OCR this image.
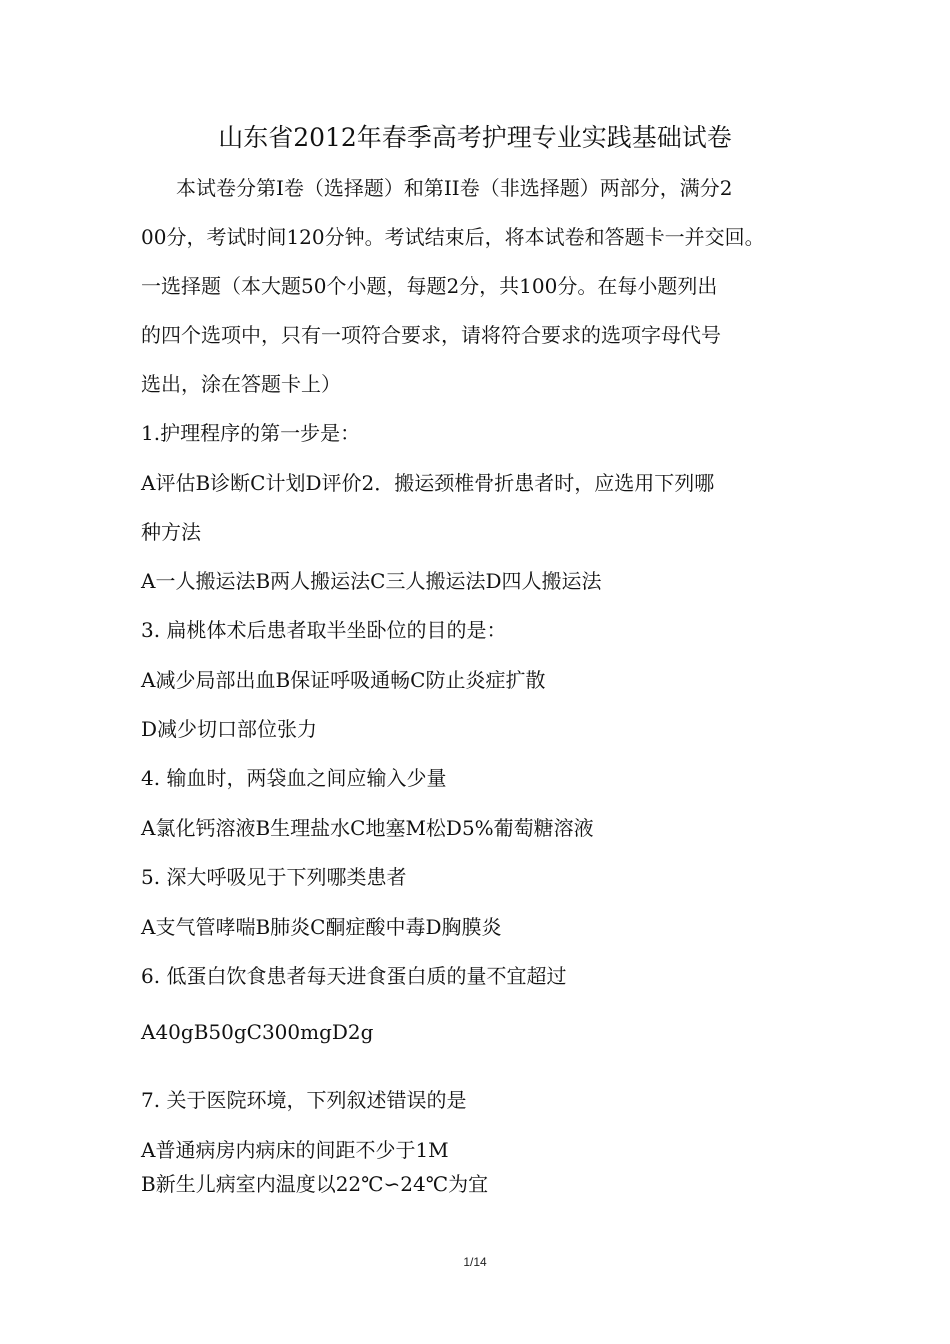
山东省2012年春季高考护理专业实践基础试卷
本试卷分第I卷（选择题）和第II卷（非选择题）两部分，满分2
00分，考试时间120分钟。考试结束后，将本试卷和答题卡一并交回。
一选择题（本大题50个小题，每题2分，共100分。在每小题列出
的四个选项中，只有一项符合要求，请将符合要求的选项字母代号
选出，涂在答题卡上）
1.护理程序的第一步是：
A评估B诊断C计划D评价2．搬运颈椎骨折患者时，应选用下列哪
种方法
A一人搬运法B两人搬运法C三人搬运法D四人搬运法
3. 扁桃体术后患者取半坐卧位的目的是：
A减少局部出血B保证呼吸通畅C防止炎症扩散
D减少切口部位张力
4. 输血时，两袋血之间应输入少量
A氯化钙溶液B生理盐水C地塞M松D5%葡萄糖溶液
5. 深大呼吸见于下列哪类患者
A支气管哮喘B肺炎C酮症酸中毒D胸膜炎
6. 低蛋白饮食患者每天进食蛋白质的量不宜超过
A40gB50gC300mgD2g
7. 关于医院环境，下列叙述错误的是
A普通病房内病床的间距不少于1M
B新生儿病室内温度以22℃∽24℃为宜
1/14
